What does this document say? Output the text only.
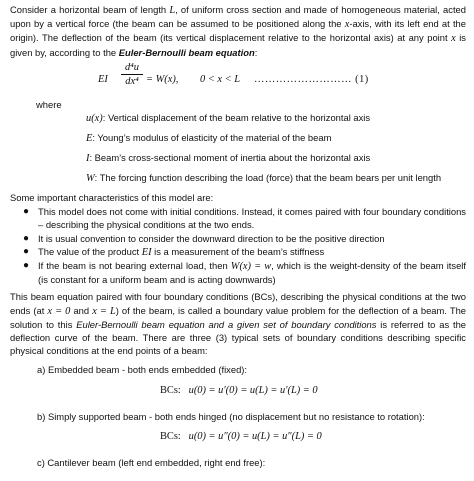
Consider a horizontal beam of length L, of uniform cross section and made of homogeneous material, acted upon by a vertical force (the beam can be assumed to be positioned along the x-axis, with its left end at the origin). The deflection of the beam (its vertical displacement relative to the horizontal axis) at any point x is given by, according to the Euler-Bernoulli beam equation:

EI $\frac{\text{d⁴u}}{\text{dx⁴}} = W(x)$, 0 < x < L ……………………… (1)

where

u(x): Vertical displacement of the beam relative to the horizontal axis

E: Young’s modulus of elasticity of the material of the beam

I: Beam’s cross-sectional moment of inertia about the horizontal axis

W: The forcing function describing the load (force) that the beam bears per unit length

Some important characteristics of this model are:

● This model does not come with initial conditions. Instead, it comes paired with four boundary conditions – describing the physical conditions at the two ends.
● It is usual convention to consider the downward direction to be the positive direction
● The value of the product EI is a measurement of the beam’s stiffness
● If the beam is not bearing external load, then W(x) = w, which is the weight-density of the beam itself (is constant for a uniform beam and is acting downwards)

This beam equation paired with four boundary conditions (BCs), describing the physical conditions at the two ends (at x = 0 and x = L) of the beam, is called a boundary value problem for the deflection of a beam. The solution to this Euler-Bernoulli beam equation and a given set of boundary conditions is referred to as the deflection curve of the beam. There are three (3) typical sets of boundary conditions describing specific physical conditions at the end points of a beam:

a) Embedded beam - both ends embedded (fixed):

BCs: u(0) = u′(0) = u(L) = u′(L) = 0

b) Simply supported beam - both ends hinged (no displacement but no resistance to rotation):

BCs: u(0) = u″(0) = u(L) = u″(L) = 0

c) Cantilever beam (left end embedded, right end free):
